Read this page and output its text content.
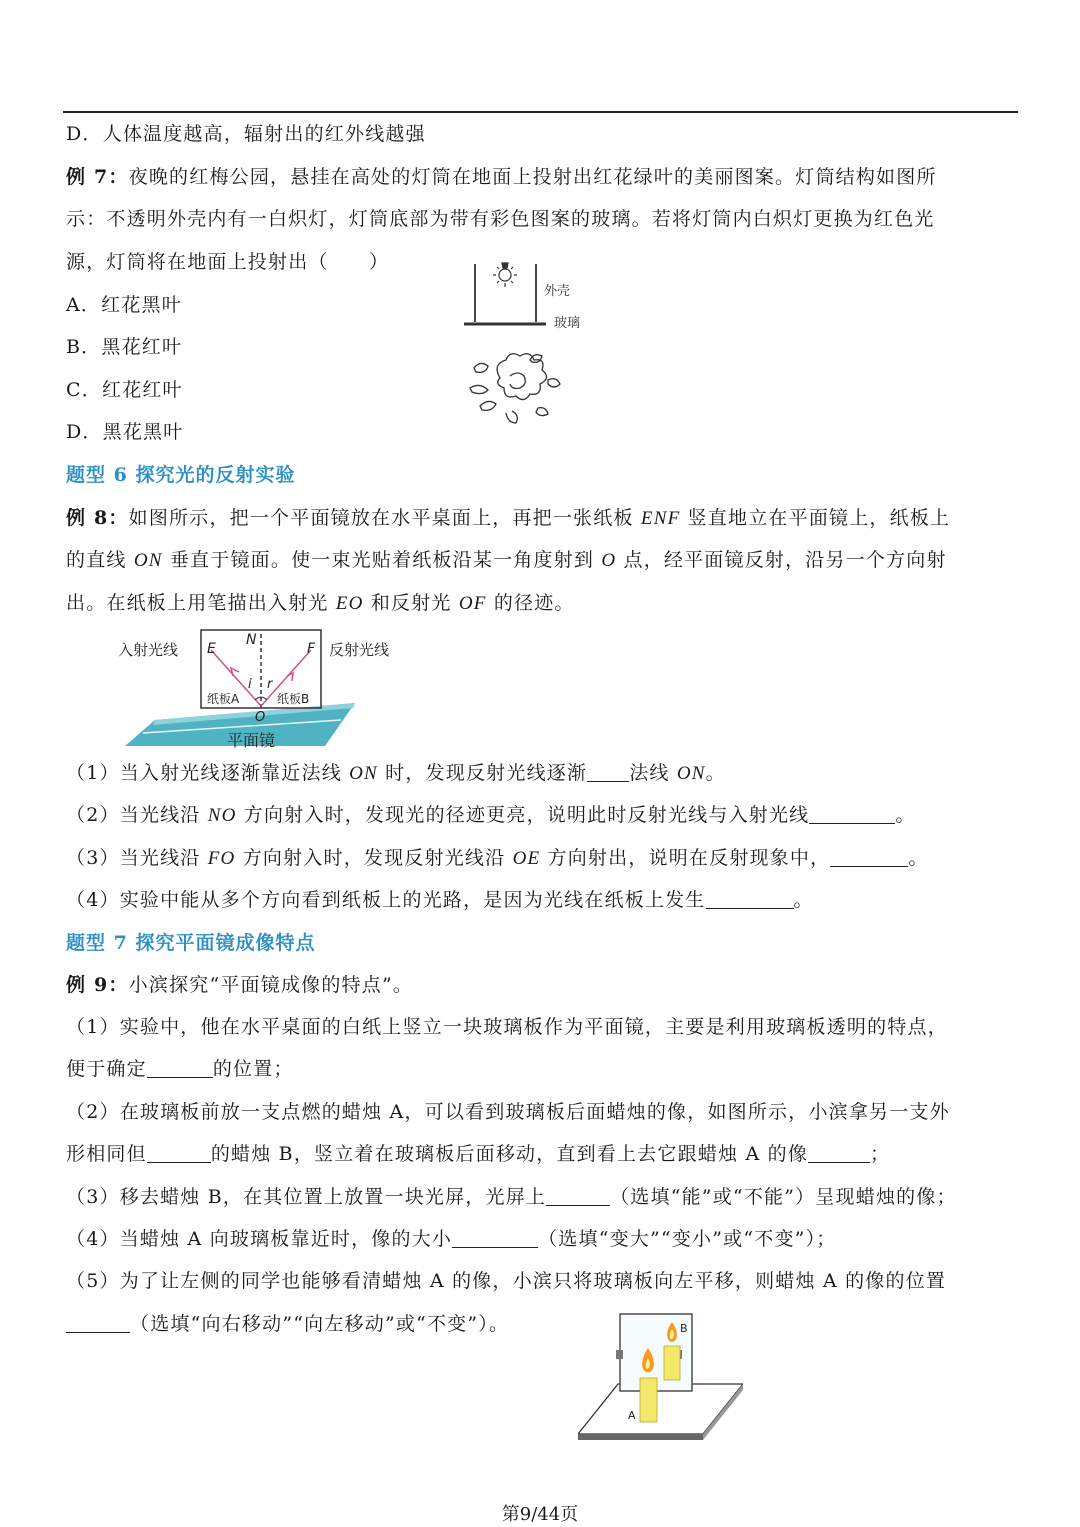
D．人体温度越高，辐射出的红外线越强
例 7：夜晚的红梅公园，悬挂在高处的灯筒在地面上投射出红花绿叶的美丽图案。灯筒结构如图所
示：不透明外壳内有一白炽灯，灯筒底部为带有彩色图案的玻璃。若将灯筒内白炽灯更换为红色光
源，灯筒将在地面上投射出（　　）
A．红花黑叶
B．黑花红叶
C．红花红叶
D．黑花黑叶
外壳
玻璃
题型 6 探究光的反射实验
例 8：如图所示，把一个平面镜放在水平桌面上，再把一张纸板 ENF 竖直地立在平面镜上，纸板上
的直线 ON 垂直于镜面。使一束光贴着纸板沿某一角度射到 O 点，经平面镜反射，沿另一个方向射
出。在纸板上用笔描出入射光 EO 和反射光 OF 的径迹。
平面镜
入射光线	反射光线
E	F
N
i r
纸板A	纸板B
O
（1）当入射光线逐渐靠近法线 ON 时，发现反射光线逐渐 法线 ON。
（2）当光线沿 NO 方向射入时，发现光的径迹更亮，说明此时反射光线与入射光线	。
（3）当光线沿 FO 方向射入时，发现反射光线沿 OE 方向射出，说明在反射现象中，	。
（4）实验中能从多个方向看到纸板上的光路，是因为光线在纸板上发生	。
题型 7 探究平面镜成像特点
例 9：小滨探究“平面镜成像的特点”。
（1）实验中，他在水平桌面的白纸上竖立一块玻璃板作为平面镜，主要是利用玻璃板透明的特点，
便于确定	的位置；
（2）在玻璃板前放一支点燃的蜡烛 A，可以看到玻璃板后面蜡烛的像，如图所示，小滨拿另一支外
形相同但	的蜡烛 B，竖立着在玻璃板后面移动，直到看上去它跟蜡烛 A 的像	；
（3）移去蜡烛 B，在其位置上放置一块光屏，光屏上	（选填“能”或“不能”）呈现蜡烛的像；
（4）当蜡烛 A 向玻璃板靠近时，像的大小	（选填“变大”“变小”或“不变”）；
（5）为了让左侧的同学也能够看清蜡烛 A 的像，小滨只将玻璃板向左平移，则蜡烛 A 的像的位置
（选填“向右移动”“向左移动”或“不变”）。	B
A
第9/44页
